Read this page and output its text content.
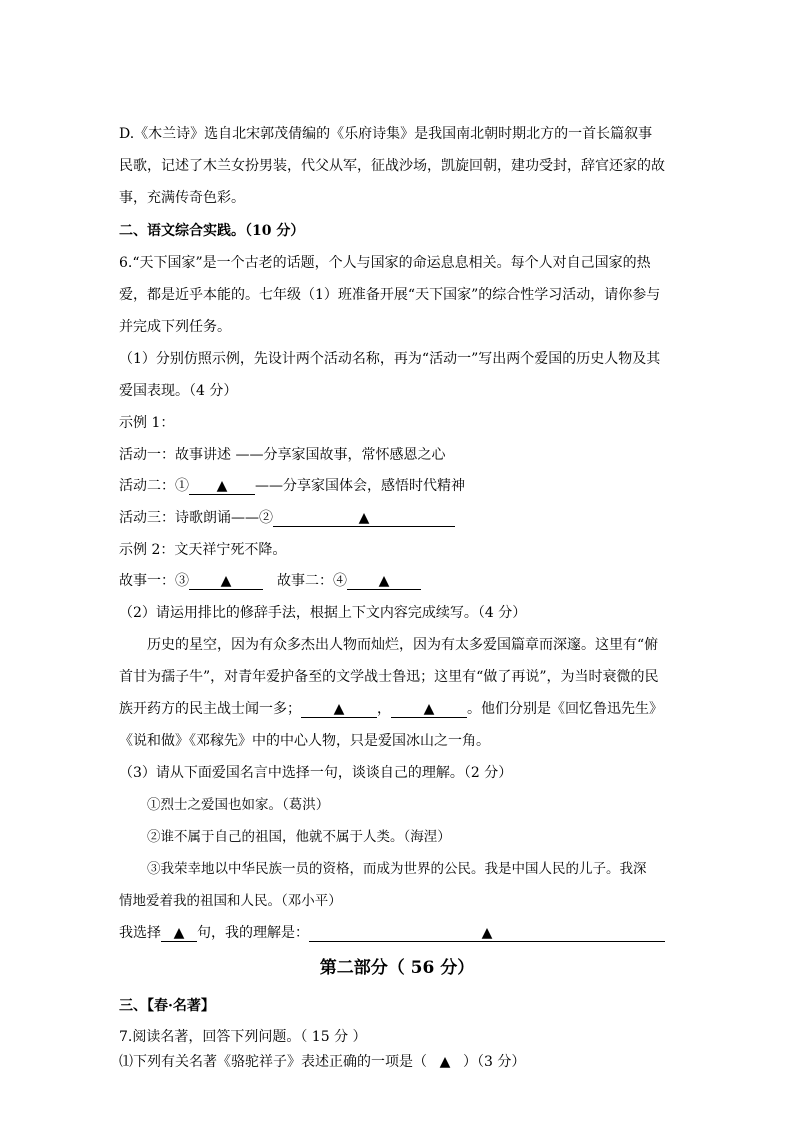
D.《木兰诗》选自北宋郭茂倩编的《乐府诗集》是我国南北朝时期北方的一首长篇叙事
民歌，记述了木兰女扮男装，代父从军，征战沙场，凯旋回朝，建功受封，辞官还家的故
事，充满传奇色彩。
二、语文综合实践。（10 分）
6.“天下国家”是一个古老的话题，个人与国家的命运息息相关。每个人对自己国家的热
爱，都是近乎本能的。七年级（1）班准备开展“天下国家”的综合性学习活动，请你参与
并完成下列任务。
（1）分别仿照示例，先设计两个活动名称，再为“活动一”写出两个爱国的历史人物及其
爱国表现。（4 分）
示例 1：
活动一：故事讲述 ——分享家国故事，常怀感恩之心
活动二：① ▲ ——分享家国体会，感悟时代精神
活动三：诗歌朗诵——②	▲
示例 2：文天祥宁死不降。
故事一：③ ▲	故事二：④ ▲
（2）请运用排比的修辞手法，根据上下文内容完成续写。（4 分）
历史的星空，因为有众多杰出人物而灿烂，因为有太多爱国篇章而深邃。这里有“俯
首甘为孺子牛”，对青年爱护备至的文学战士鲁迅；这里有“做了再说”，为当时衰微的民
族开药方的民主战士闻一多； ▲ ， ▲ 。他们分别是《回忆鲁迅先生》
《说和做》《邓稼先》中的中心人物，只是爱国冰山之一角。
（3）请从下面爱国名言中选择一句，谈谈自己的理解。（2 分）
①烈士之爱国也如家。（葛洪）
②谁不属于自己的祖国，他就不属于人类。（海涅）
③我荣幸地以中华民族一员的资格，而成为世界的公民。我是中国人民的儿子。我深
情地爱着我的祖国和人民。（邓小平）
我选择 ▲ 句，我的理解是：	▲
第二部分（ 56 分）
三、【春·名著】
7.阅读名著，回答下列问题。（ 15 分 ）
⑴下列有关名著《骆驼祥子》表述正确的一项是（ ▲ ）（3 分）
